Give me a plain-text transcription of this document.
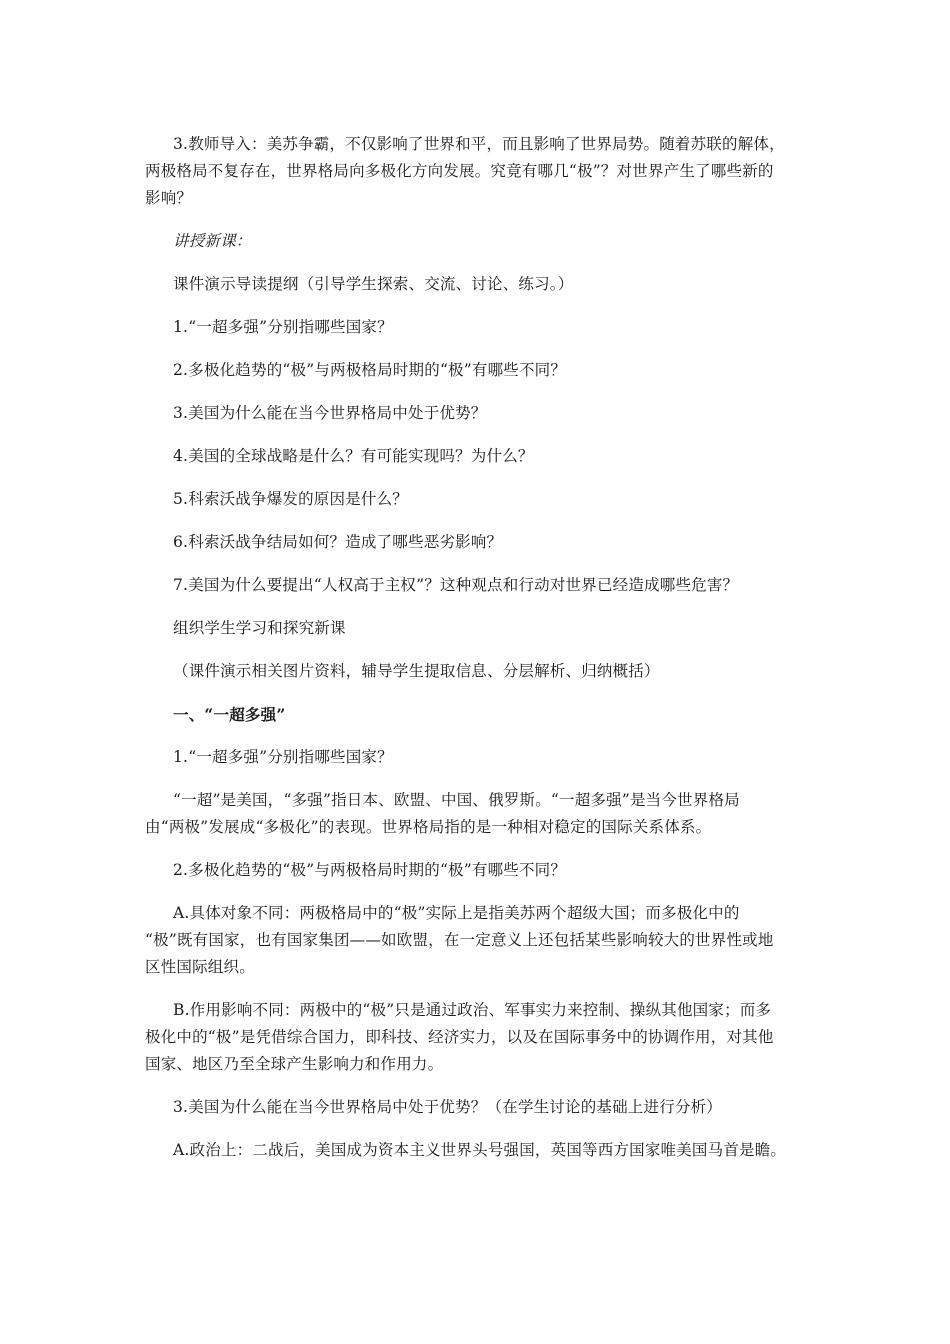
3.教师导入：美苏争霸，不仅影响了世界和平，而且影响了世界局势。随着苏联的解体，
两极格局不复存在，世界格局向多极化方向发展。究竟有哪几“极”？对世界产生了哪些新的
影响？
讲授新课：
课件演示导读提纲（引导学生探索、交流、讨论、练习。）
1.“一超多强”分别指哪些国家？
2.多极化趋势的“极”与两极格局时期的“极”有哪些不同？
3.美国为什么能在当今世界格局中处于优势？
4.美国的全球战略是什么？有可能实现吗？为什么？
5.科索沃战争爆发的原因是什么？
6.科索沃战争结局如何？造成了哪些恶劣影响？
7.美国为什么要提出“人权高于主权”？这种观点和行动对世界已经造成哪些危害？
组织学生学习和探究新课
（课件演示相关图片资料，辅导学生提取信息、分层解析、归纳概括）
一、“一超多强”
1.“一超多强”分别指哪些国家？
“一超”是美国，“多强”指日本、欧盟、中国、俄罗斯。“一超多强”是当今世界格局
由“两极”发展成“多极化”的表现。世界格局指的是一种相对稳定的国际关系体系。
2.多极化趋势的“极”与两极格局时期的“极”有哪些不同？
A.具体对象不同：两极格局中的“极”实际上是指美苏两个超级大国；而多极化中的
“极”既有国家，也有国家集团——如欧盟，在一定意义上还包括某些影响较大的世界性或地
区性国际组织。
B.作用影响不同：两极中的“极”只是通过政治、军事实力来控制、操纵其他国家；而多
极化中的“极”是凭借综合国力，即科技、经济实力，以及在国际事务中的协调作用，对其他
国家、地区乃至全球产生影响力和作用力。
3.美国为什么能在当今世界格局中处于优势？（在学生讨论的基础上进行分析）
A.政治上：二战后，美国成为资本主义世界头号强国，英国等西方国家唯美国马首是瞻。
